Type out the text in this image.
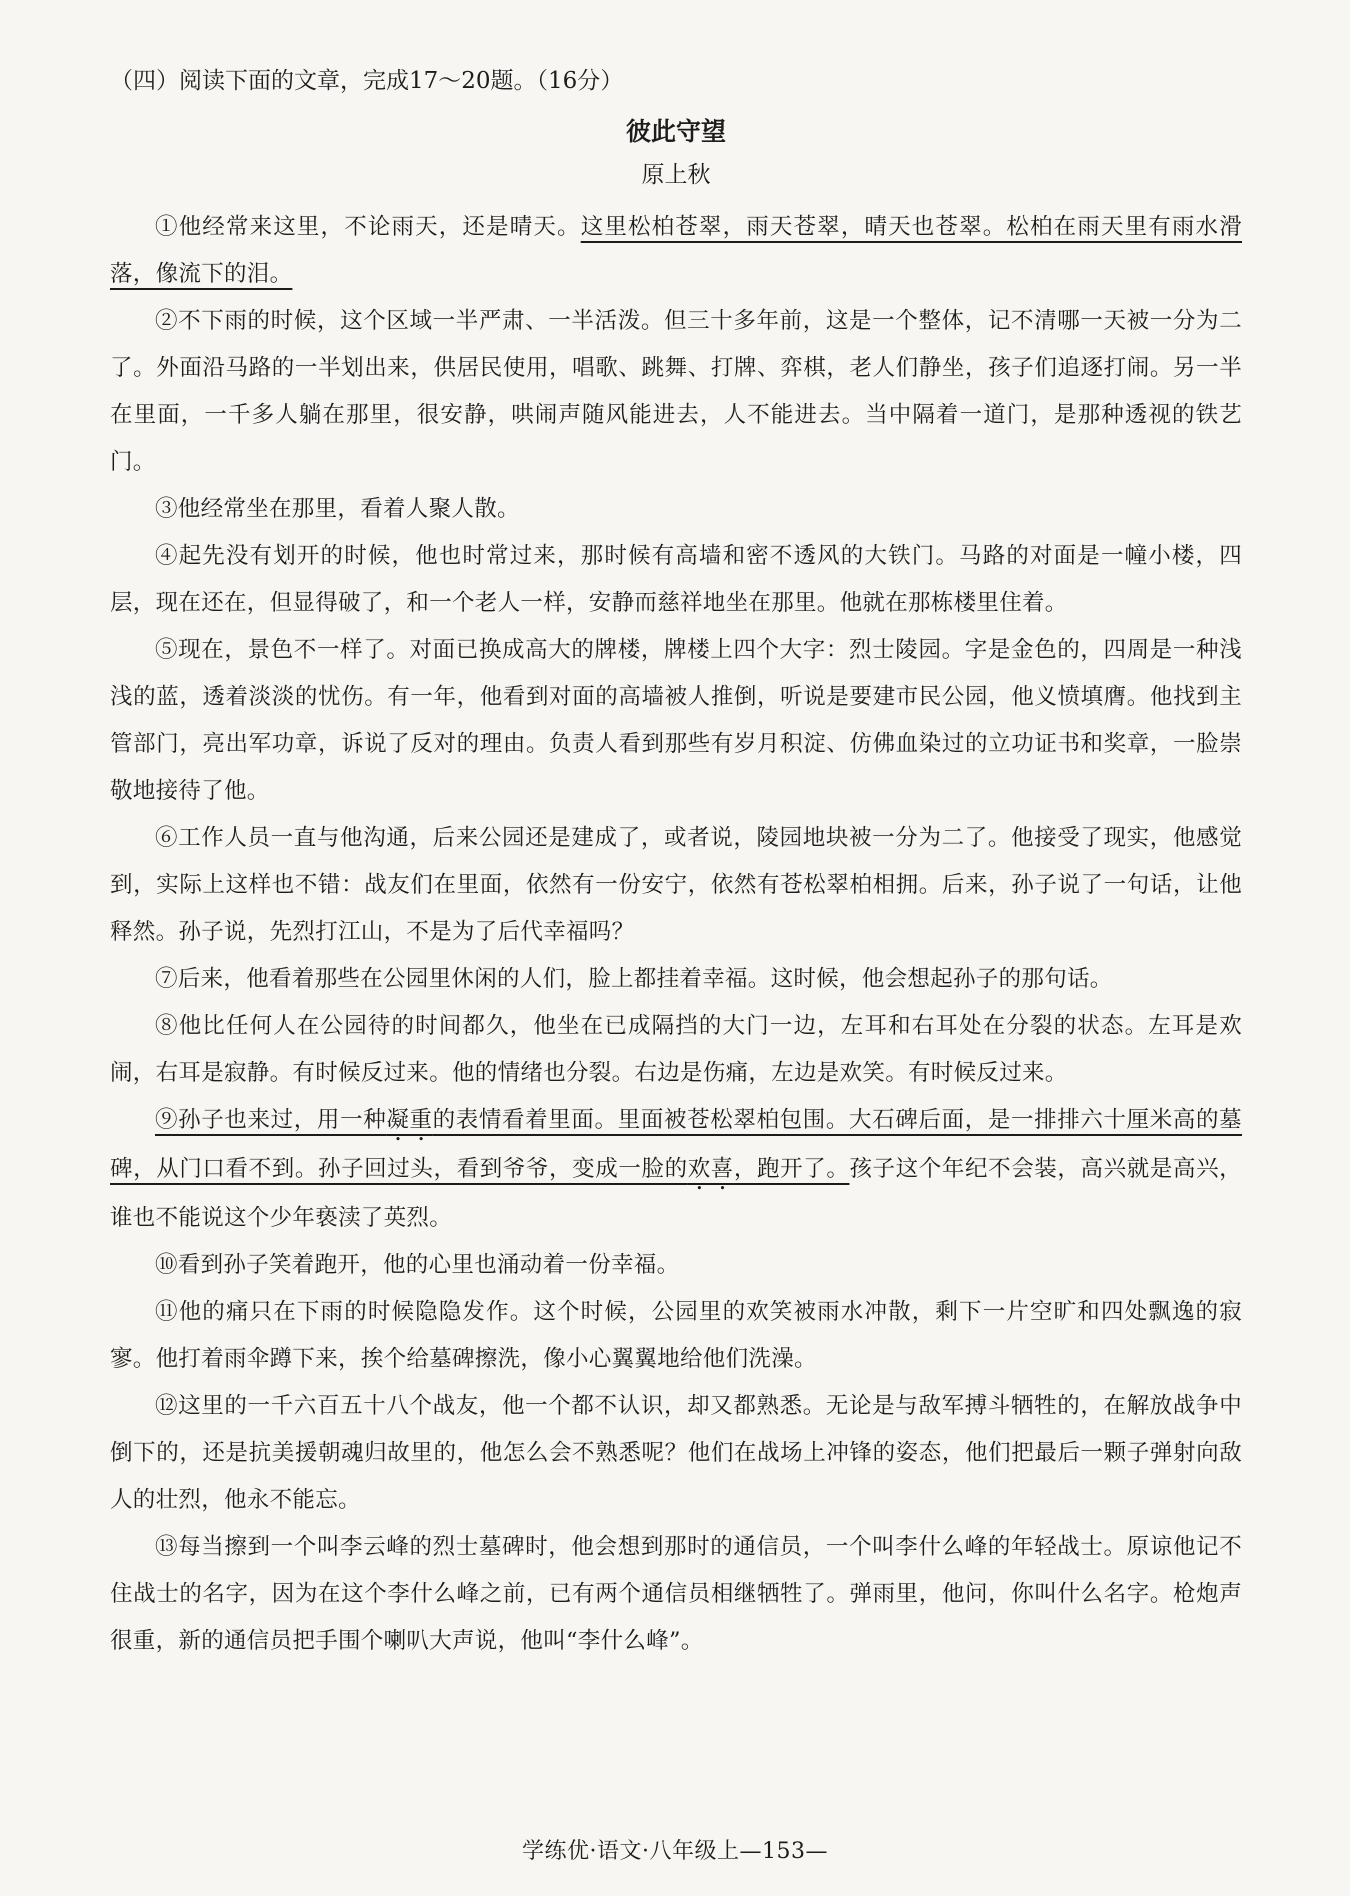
（四）阅读下面的文章，完成17～20题。（16分）
彼此守望
原上秋

①他经常来这里，不论雨天，还是晴天。这里松柏苍翠，雨天苍翠，晴天也苍翠。松柏在雨天里有雨水滑落，像流下的泪。

②不下雨的时候，这个区域一半严肃、一半活泼。但三十多年前，这是一个整体，记不清哪一天被一分为二了。外面沿马路的一半划出来，供居民使用，唱歌、跳舞、打牌、弈棋，老人们静坐，孩子们追逐打闹。另一半在里面，一千多人躺在那里，很安静，哄闹声随风能进去，人不能进去。当中隔着一道门，是那种透视的铁艺门。

③他经常坐在那里，看着人聚人散。

④起先没有划开的时候，他也时常过来，那时候有高墙和密不透风的大铁门。马路的对面是一幢小楼，四层，现在还在，但显得破了，和一个老人一样，安静而慈祥地坐在那里。他就在那栋楼里住着。

⑤现在，景色不一样了。对面已换成高大的牌楼，牌楼上四个大字：烈士陵园。字是金色的，四周是一种浅浅的蓝，透着淡淡的忧伤。有一年，他看到对面的高墙被人推倒，听说是要建市民公园，他义愤填膺。他找到主管部门，亮出军功章，诉说了反对的理由。负责人看到那些有岁月积淀、仿佛血染过的立功证书和奖章，一脸崇敬地接待了他。

⑥工作人员一直与他沟通，后来公园还是建成了，或者说，陵园地块被一分为二了。他接受了现实，他感觉到，实际上这样也不错：战友们在里面，依然有一份安宁，依然有苍松翠柏相拥。后来，孙子说了一句话，让他释然。孙子说，先烈打江山，不是为了后代幸福吗？

⑦后来，他看着那些在公园里休闲的人们，脸上都挂着幸福。这时候，他会想起孙子的那句话。

⑧他比任何人在公园待的时间都久，他坐在已成隔挡的大门一边，左耳和右耳处在分裂的状态。左耳是欢闹，右耳是寂静。有时候反过来。他的情绪也分裂。右边是伤痛，左边是欢笑。有时候反过来。

⑨孙子也来过，用一种凝重的表情看着里面。里面被苍松翠柏包围。大石碑后面，是一排排六十厘米高的墓碑，从门口看不到。孙子回过头，看到爷爷，变成一脸的欢喜，跑开了。孩子这个年纪不会装，高兴就是高兴，谁也不能说这个少年亵渎了英烈。

⑩看到孙子笑着跑开，他的心里也涌动着一份幸福。

⑪他的痛只在下雨的时候隐隐发作。这个时候，公园里的欢笑被雨水冲散，剩下一片空旷和四处飘逸的寂寥。他打着雨伞蹲下来，挨个给墓碑擦洗，像小心翼翼地给他们洗澡。

⑫这里的一千六百五十八个战友，他一个都不认识，却又都熟悉。无论是与敌军搏斗牺牲的，在解放战争中倒下的，还是抗美援朝魂归故里的，他怎么会不熟悉呢？他们在战场上冲锋的姿态，他们把最后一颗子弹射向敌人的壮烈，他永不能忘。

⑬每当擦到一个叫李云峰的烈士墓碑时，他会想到那时的通信员，一个叫李什么峰的年轻战士。原谅他记不住战士的名字，因为在这个李什么峰之前，已有两个通信员相继牺牲了。弹雨里，他问，你叫什么名字。枪炮声很重，新的通信员把手围个喇叭大声说，他叫“李什么峰”。

学练优·语文·八年级上—153—
